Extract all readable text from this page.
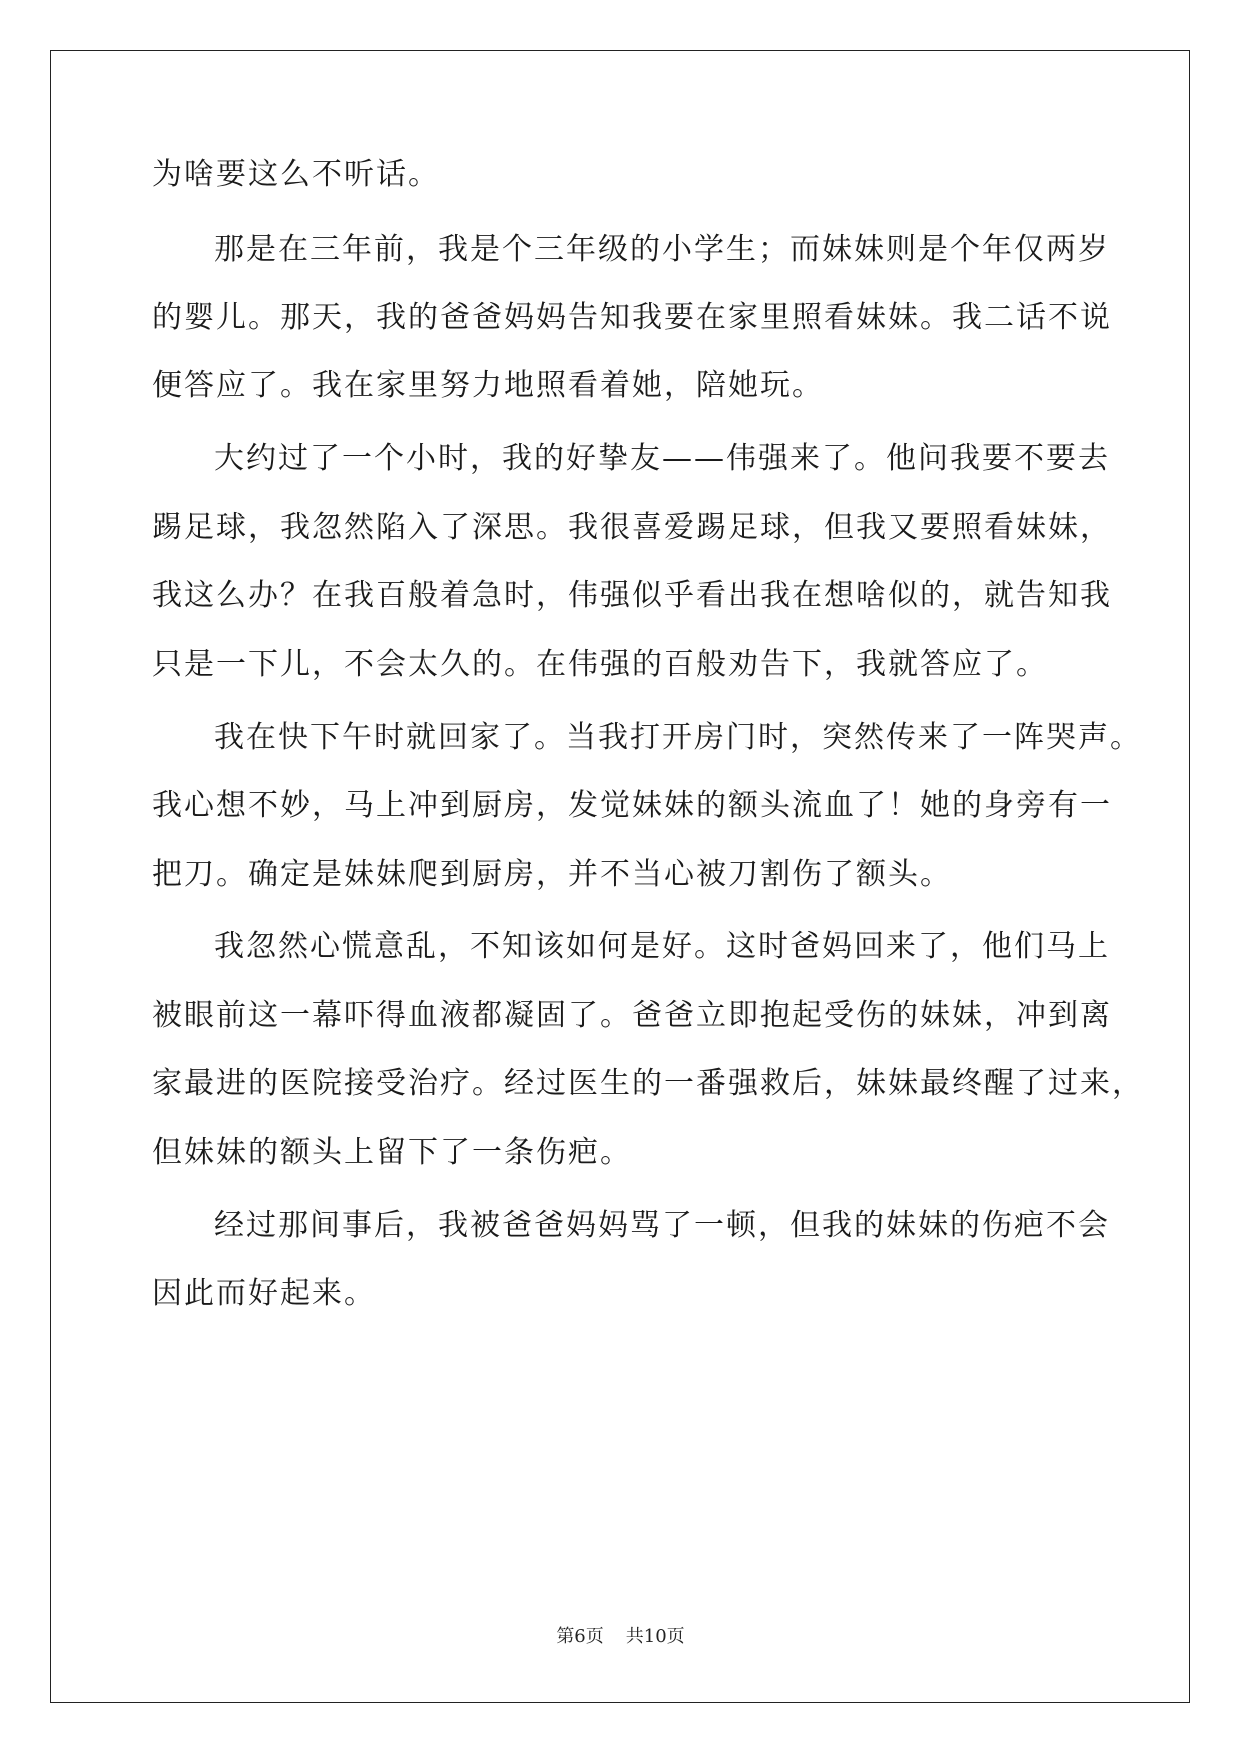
为啥要这么不听话。
那是在三年前，我是个三年级的小学生；而妹妹则是个年仅两岁
的婴儿。那天，我的爸爸妈妈告知我要在家里照看妹妹。我二话不说
便答应了。我在家里努力地照看着她，陪她玩。
大约过了一个小时，我的好挚友——伟强来了。他问我要不要去
踢足球，我忽然陷入了深思。我很喜爱踢足球，但我又要照看妹妹，
我这么办？在我百般着急时，伟强似乎看出我在想啥似的，就告知我
只是一下儿，不会太久的。在伟强的百般劝告下，我就答应了。
我在快下午时就回家了。当我打开房门时，突然传来了一阵哭声。
我心想不妙，马上冲到厨房，发觉妹妹的额头流血了！她的身旁有一
把刀。确定是妹妹爬到厨房，并不当心被刀割伤了额头。
我忽然心慌意乱，不知该如何是好。这时爸妈回来了，他们马上
被眼前这一幕吓得血液都凝固了。爸爸立即抱起受伤的妹妹，冲到离
家最进的医院接受治疗。经过医生的一番强救后，妹妹最终醒了过来，
但妹妹的额头上留下了一条伤疤。
经过那间事后，我被爸爸妈妈骂了一顿，但我的妹妹的伤疤不会
因此而好起来。
第6页 共10页
